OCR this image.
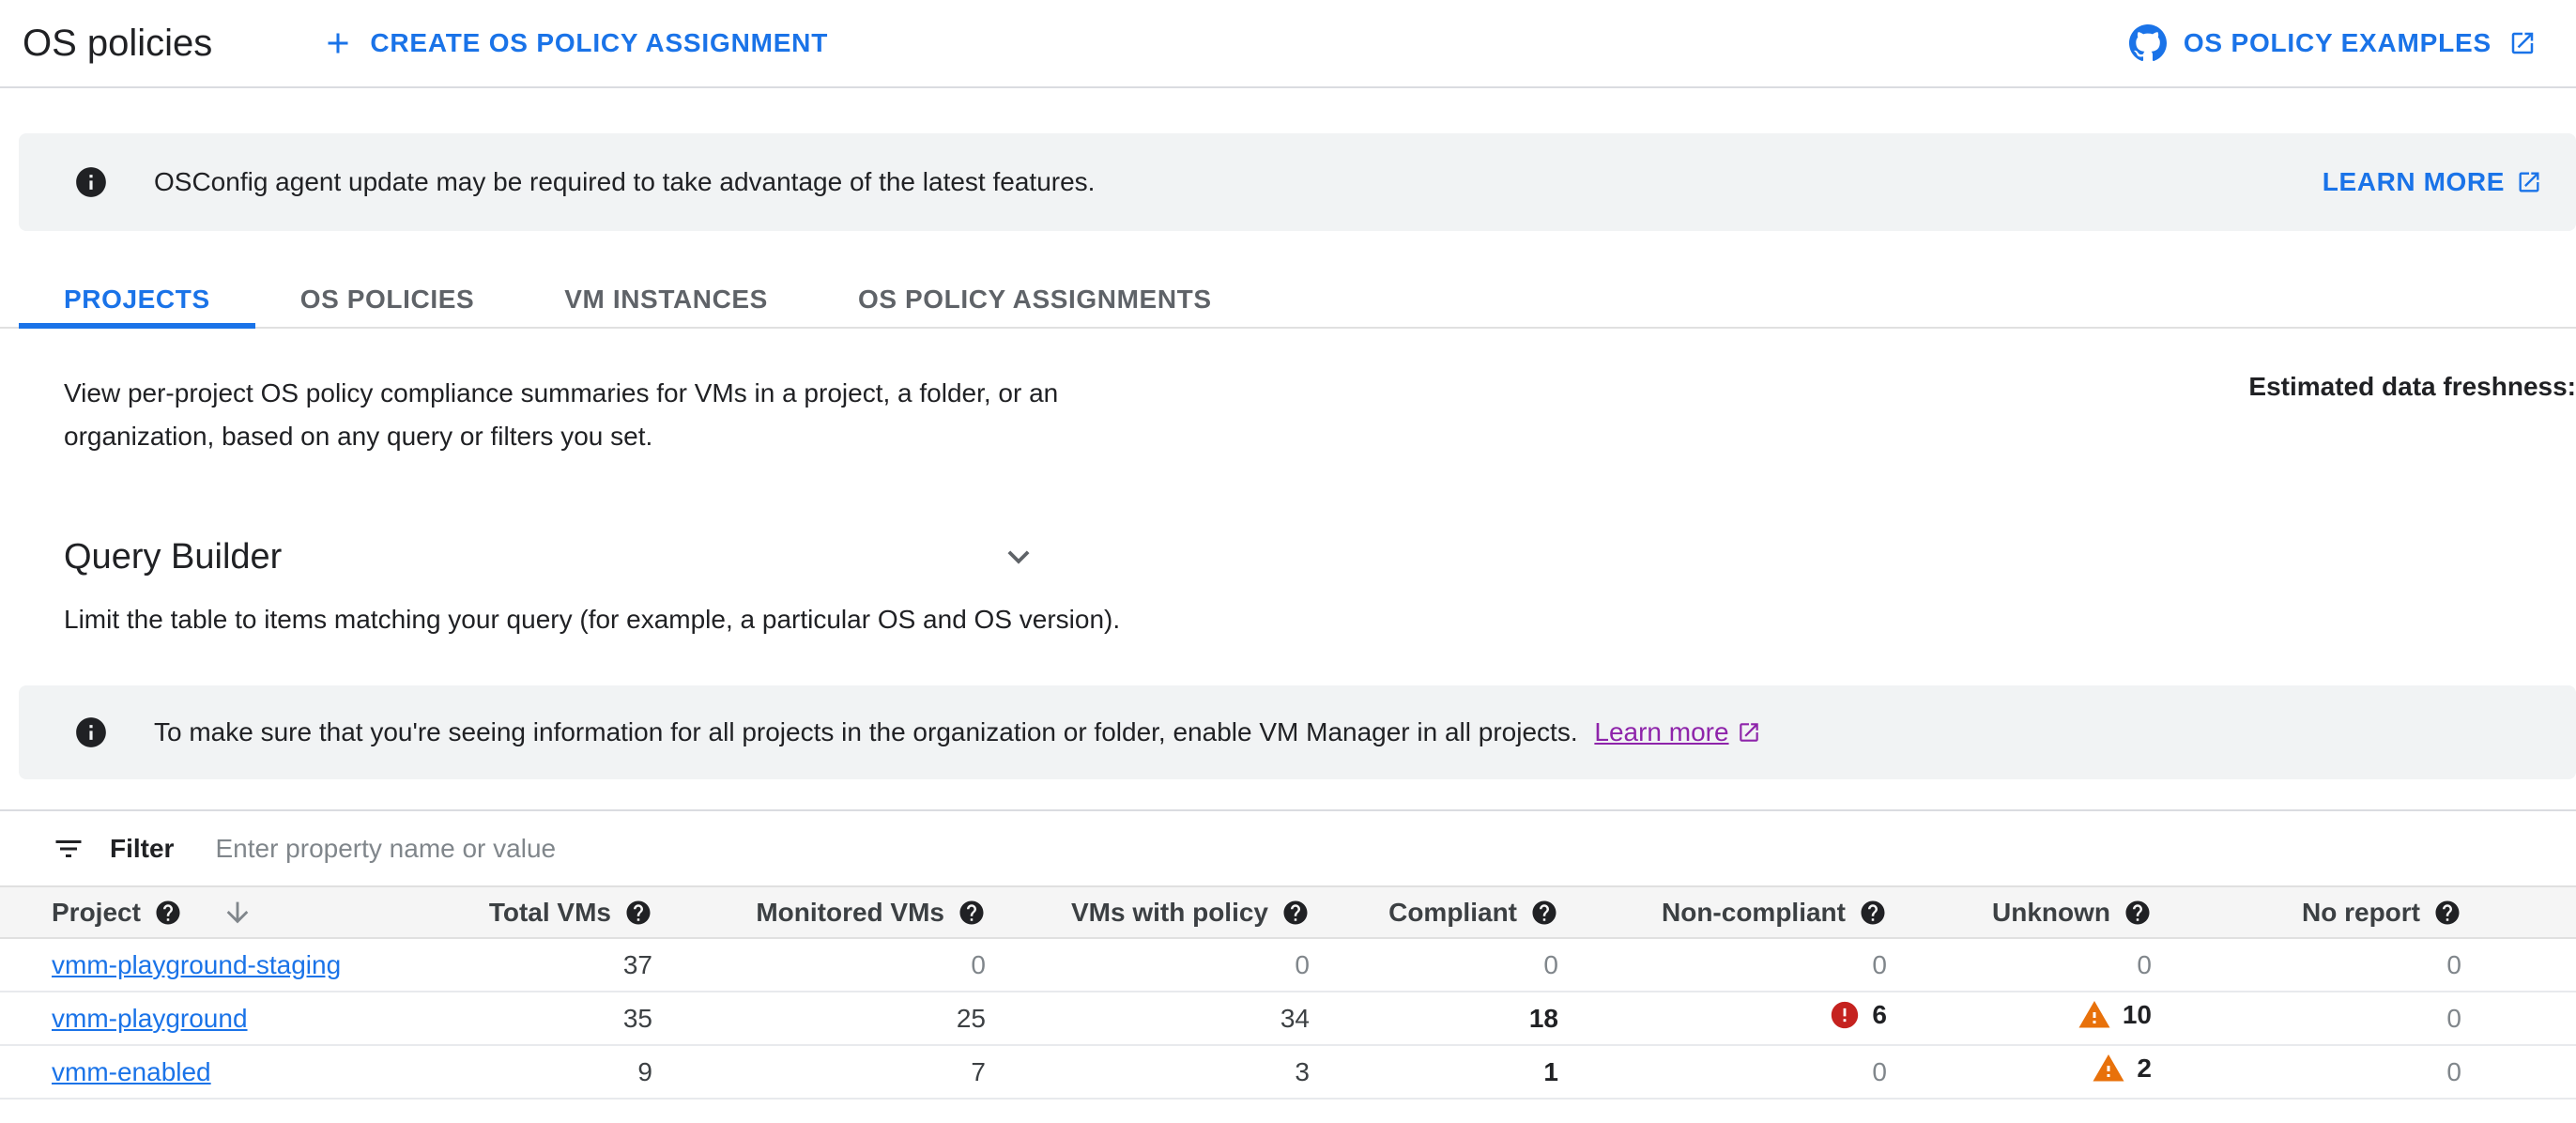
OS policies	CREATE OS POLICY ASSIGNMENT	OS POLICY EXAMPLES
OSConfig agent update may be required to take advantage of the latest features.	LEARN MORE
PROJECTS	OS POLICIES	VM INSTANCES	OS POLICY ASSIGNMENTS
View per-project OS policy compliance summaries for VMs in a project, a folder, or an
organization, based on any query or filters you set.
Estimated data freshness:
Query Builder
Limit the table to items matching your query (for example, a particular OS and OS version).
To make sure that you're seeing information for all projects in the organization or folder, enable VM Manager in all projects. Learn more
Filter
Enter property name or value
Project	Total VMs	Monitored VMs	VMs with policy	Compliant	Non-compliant	Unknown	No report	

vmm-playground-staging	37	0	0	0	0	0	0	
vmm-playground	35	25	34	18	6	10	0	
vmm-enabled	9	7	3	1	0	2	0	
